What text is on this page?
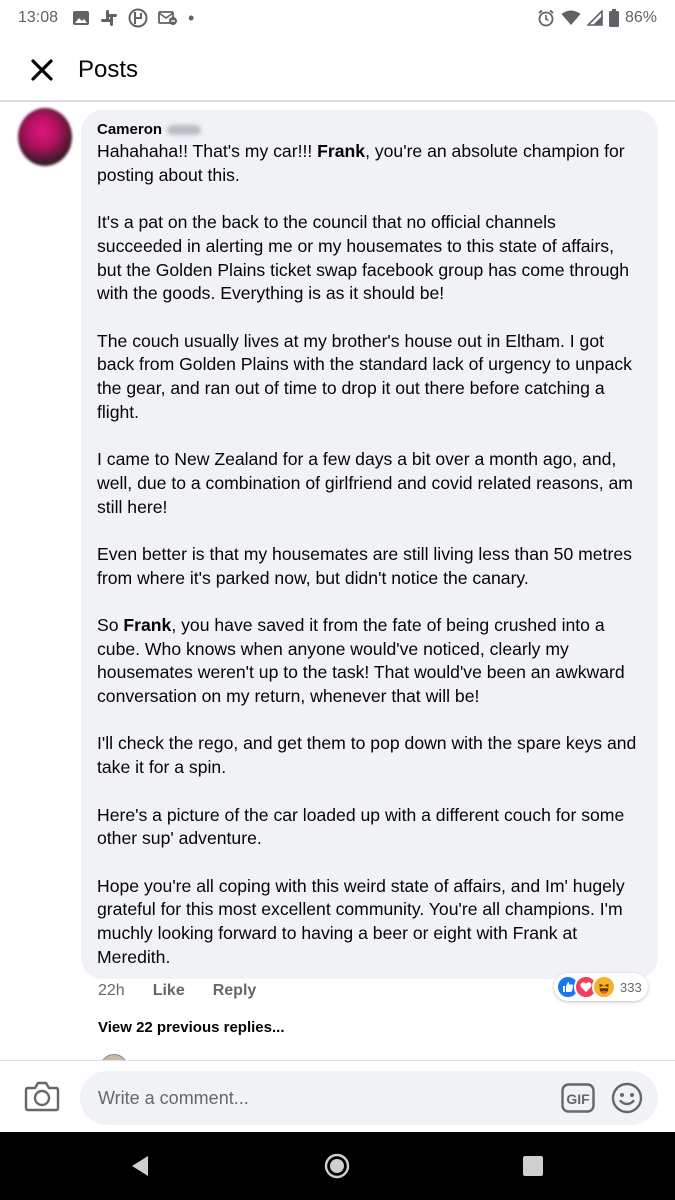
13:08	•	86%
Posts
Cameron

Hahahaha!! That's my car!!! Frank, you're an absolute champion for posting about this.

It's a pat on the back to the council that no official channels succeeded in alerting me or my housemates to this state of affairs, but the Golden Plains ticket swap facebook group has come through with the goods. Everything is as it should be!

The couch usually lives at my brother's house out in Eltham. I got back from Golden Plains with the standard lack of urgency to unpack the gear, and ran out of time to drop it out there before catching a flight.

I came to New Zealand for a few days a bit over a month ago, and, well, due to a combination of girlfriend and covid related reasons, am still here!

Even better is that my housemates are still living less than 50 metres from where it's parked now, but didn't notice the canary.

So Frank, you have saved it from the fate of being crushed into a cube. Who knows when anyone would've noticed, clearly my housemates weren't up to the task! That would've been an awkward conversation on my return, whenever that will be!

I'll check the rego, and get them to pop down with the spare keys and take it for a spin.

Here's a picture of the car loaded up with a different couch for some other sup' adventure.

Hope you're all coping with this weird state of affairs, and Im' hugely grateful for this most excellent community. You're all champions. I'm muchly looking forward to having a beer or eight with Frank at Meredith.

22h Like Reply	333
View 22 previous replies...
Write a comment...
GIF
